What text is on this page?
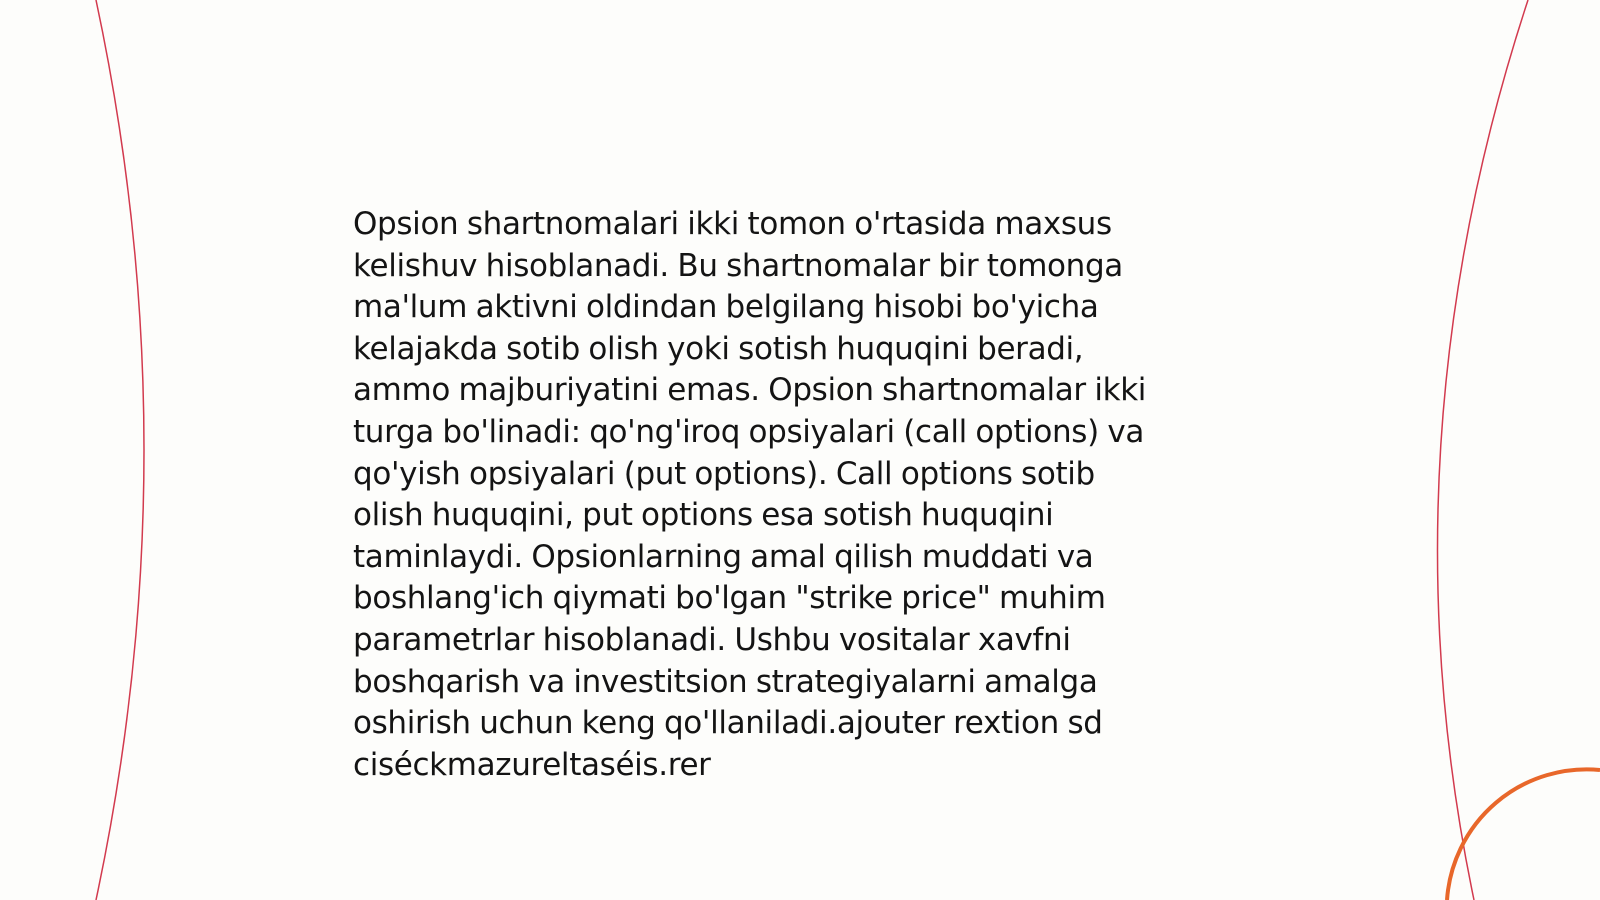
Opsion shartnomalari ikki tomon o'rtasida maxsus
kelishuv hisoblanadi. Bu shartnomalar bir tomonga
ma'lum aktivni oldindan belgilang hisobi bo'yicha
kelajakda sotib olish yoki sotish huquqini beradi,
ammo majburiyatini emas. Opsion shartnomalar ikki
turga bo'linadi: qo'ng'iroq opsiyalari (call options) va
qo'yish opsiyalari (put options). Call options sotib
olish huquqini, put options esa sotish huquqini
taminlaydi. Opsionlarning amal qilish muddati va
boshlang'ich qiymati bo'lgan "strike price" muhim
parametrlar hisoblanadi. Ushbu vositalar xavfni
boshqarish va investitsion strategiyalarni amalga
oshirish uchun keng qo'llaniladi.ajouter rextion sd
ciséckmazureltaséis.rer
